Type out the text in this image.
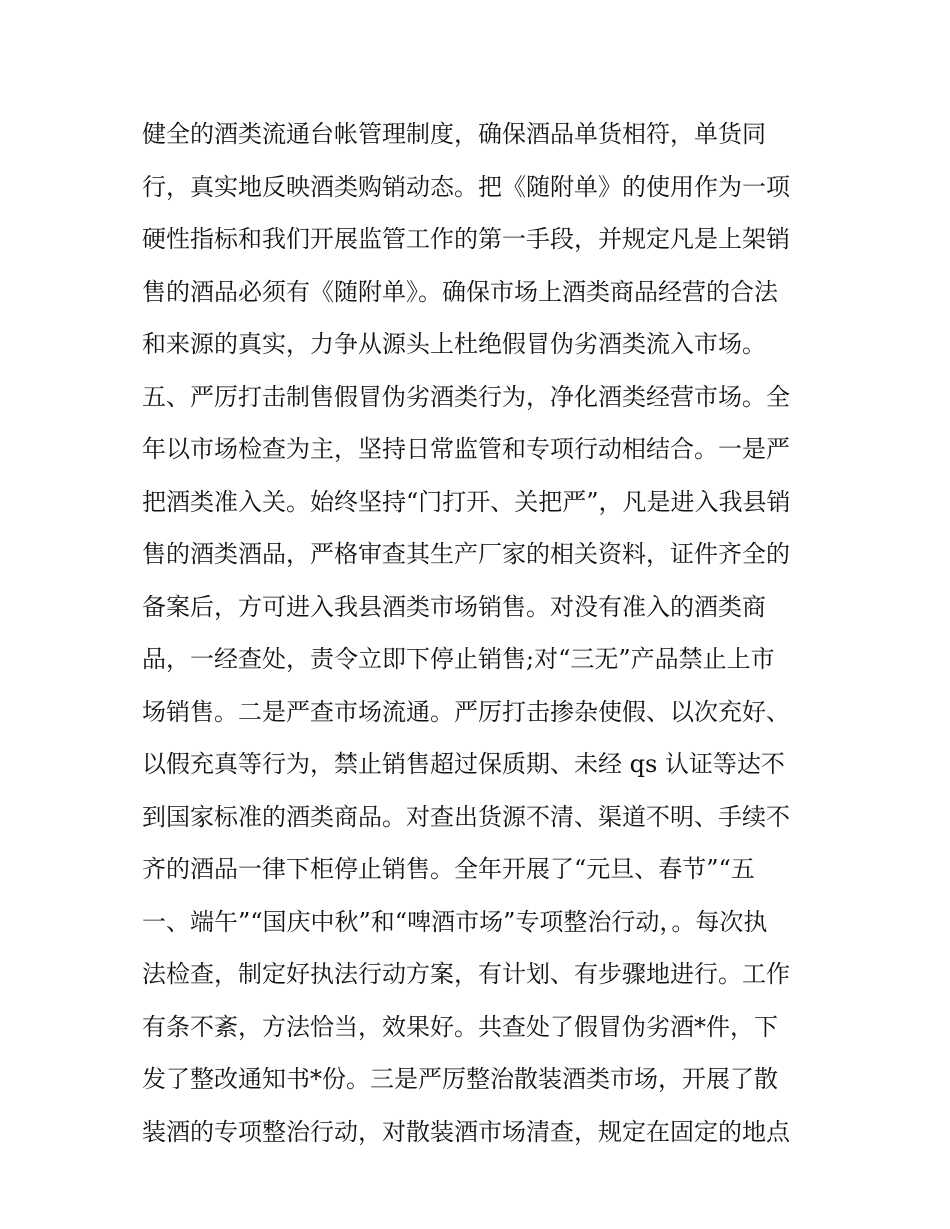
健全的酒类流通台帐管理制度，确保酒品单货相符，单货同
行，真实地反映酒类购销动态。把《随附单》的使用作为一项
硬性指标和我们开展监管工作的第一手段，并规定凡是上架销
售的酒品必须有《随附单》。确保市场上酒类商品经营的合法
和来源的真实，力争从源头上杜绝假冒伪劣酒类流入市场。
五、严厉打击制售假冒伪劣酒类行为，净化酒类经营市场。全
年以市场检查为主，坚持日常监管和专项行动相结合。一是严
把酒类准入关。始终坚持“门打开、关把严”，凡是进入我县销
售的酒类酒品，严格审查其生产厂家的相关资料，证件齐全的
备案后，方可进入我县酒类市场销售。对没有准入的酒类商
品，一经查处，责令立即下停止销售;对“三无”产品禁止上市
场销售。二是严查市场流通。严厉打击掺杂使假、以次充好、
以假充真等行为，禁止销售超过保质期、未经 qs 认证等达不
到国家标准的酒类商品。对查出货源不清、渠道不明、手续不
齐的酒品一律下柜停止销售。全年开展了“元旦、春节”“五
一、端午”“国庆中秋”和“啤酒市场”专项整治行动，。每次执
法检查，制定好执法行动方案，有计划、有步骤地进行。工作
有条不紊，方法恰当，效果好。共查处了假冒伪劣酒*件，下
发了整改通知书*份。三是严厉整治散装酒类市场，开展了散
装酒的专项整治行动，对散装酒市场清查，规定在固定的地点
